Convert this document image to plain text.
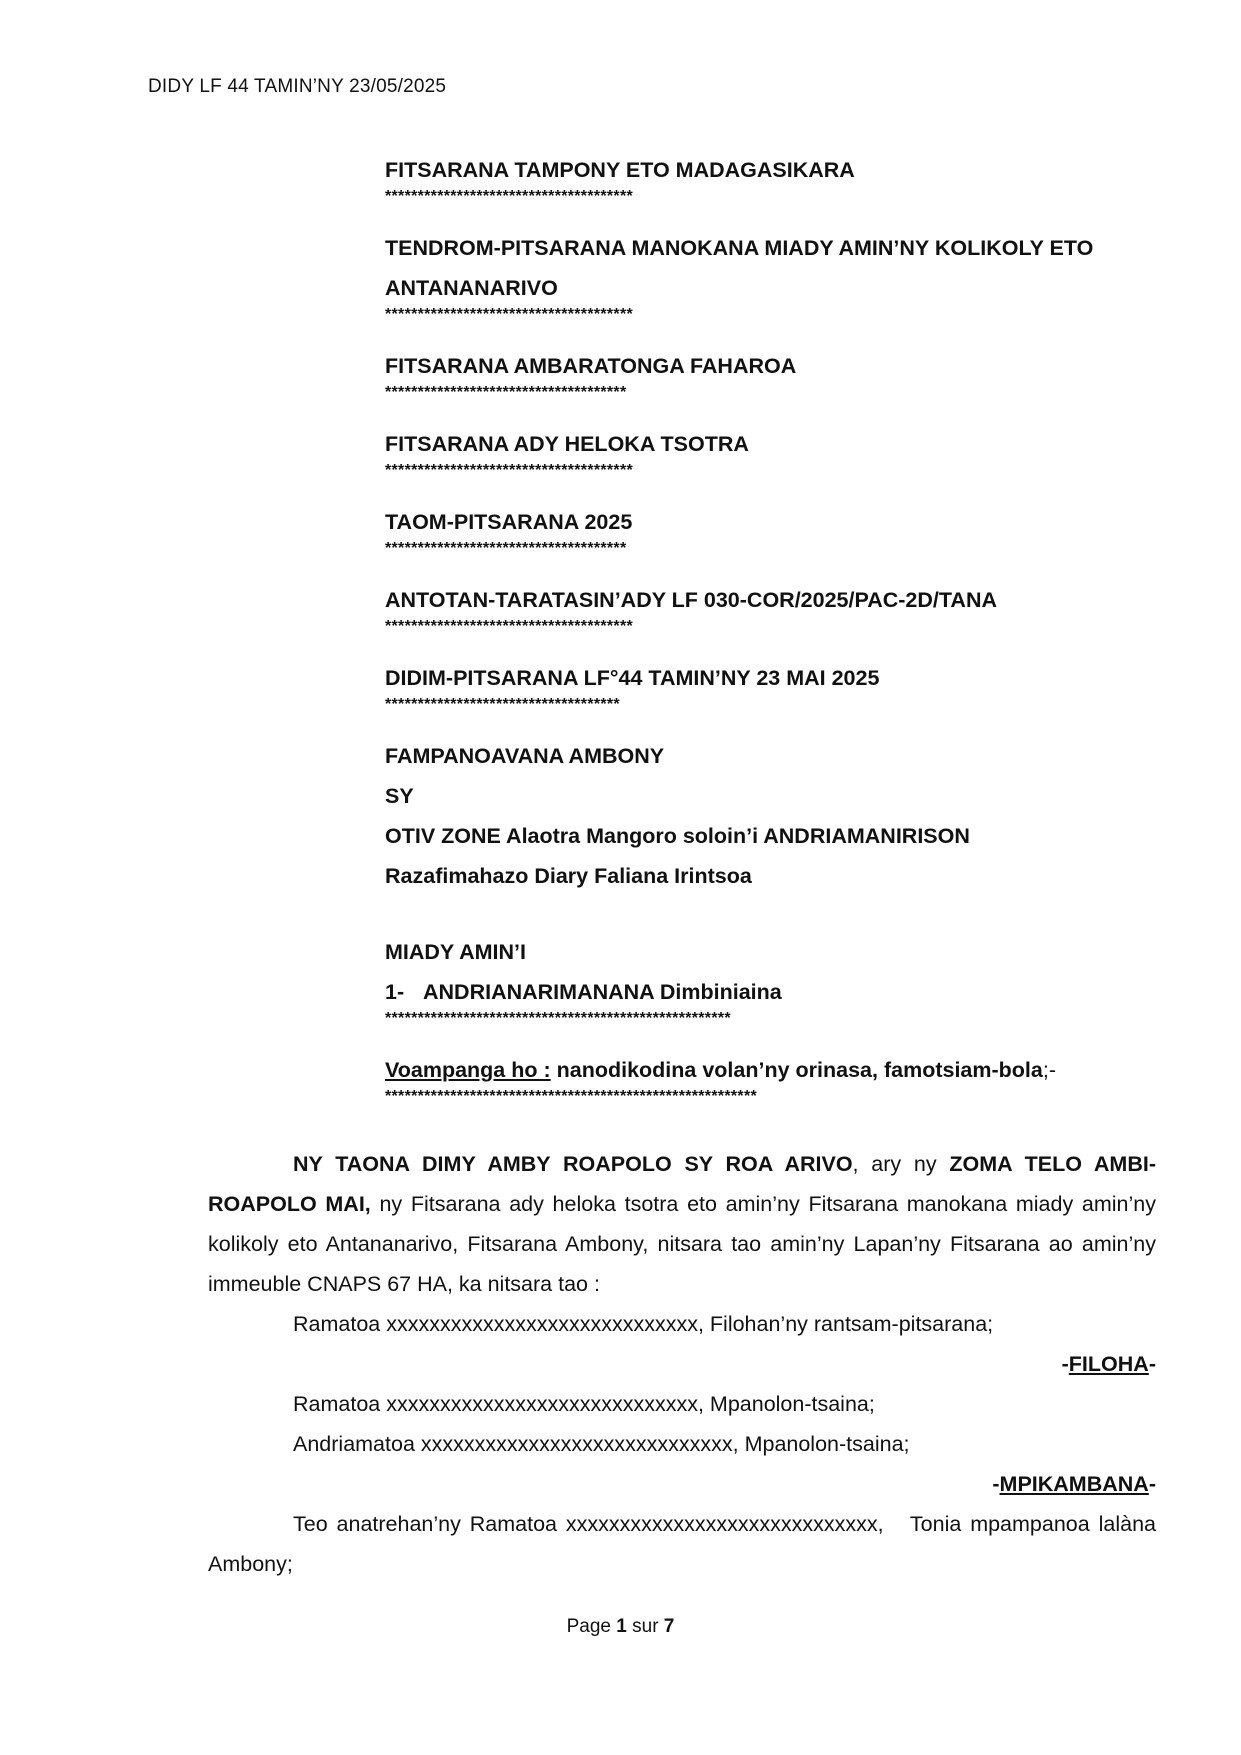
DIDY LF 44 TAMIN’NY 23/05/2025

FITSARANA TAMPONY ETO MADAGASIKARA

**************************************

TENDROM-PITSARANA MANOKANA MIADY AMIN’NY KOLIKOLY ETO

ANTANANARIVO

**************************************

FITSARANA AMBARATONGA FAHAROA

*************************************

FITSARANA ADY HELOKA TSOTRA

**************************************

TAOM-PITSARANA 2025

*************************************

ANTOTAN-TARATASIN’ADY LF 030-COR/2025/PAC-2D/TANA

**************************************

DIDIM-PITSARANA LF°44 TAMIN’NY 23 MAI 2025

************************************

FAMPANOAVANA AMBONY

SY

OTIV ZONE Alaotra Mangoro soloin’i ANDRIAMANIRISON

Razafimahazo Diary Faliana Irintsoa

MIADY AMIN’I

1- ANDRIANARIMANANA Dimbiniaina

*****************************************************

Voampanga ho : nanodikodina volan’ny orinasa, famotsiam-bola;-

*********************************************************

NY TAONA DIMY AMBY ROAPOLO SY ROA ARIVO, ary ny ZOMA TELO AMBI-ROAPOLO MAI, ny Fitsarana ady heloka tsotra eto amin’ny Fitsarana manokana miady amin’ny kolikoly eto Antananarivo, Fitsarana Ambony, nitsara tao amin’ny Lapan’ny Fitsarana ao amin’ny immeuble CNAPS 67 HA, ka nitsara tao :

Ramatoa xxxxxxxxxxxxxxxxxxxxxxxxxxxxx, Filohan’ny rantsam-pitsarana;

-FILOHA-

Ramatoa xxxxxxxxxxxxxxxxxxxxxxxxxxxxx, Mpanolon-tsaina;

Andriamatoa xxxxxxxxxxxxxxxxxxxxxxxxxxxxx, Mpanolon-tsaina;

-MPIKAMBANA-

Teo anatrehan’ny Ramatoa xxxxxxxxxxxxxxxxxxxxxxxxxxxxx,   Tonia mpampanoa lalàna Ambony;

Page 1 sur 7
